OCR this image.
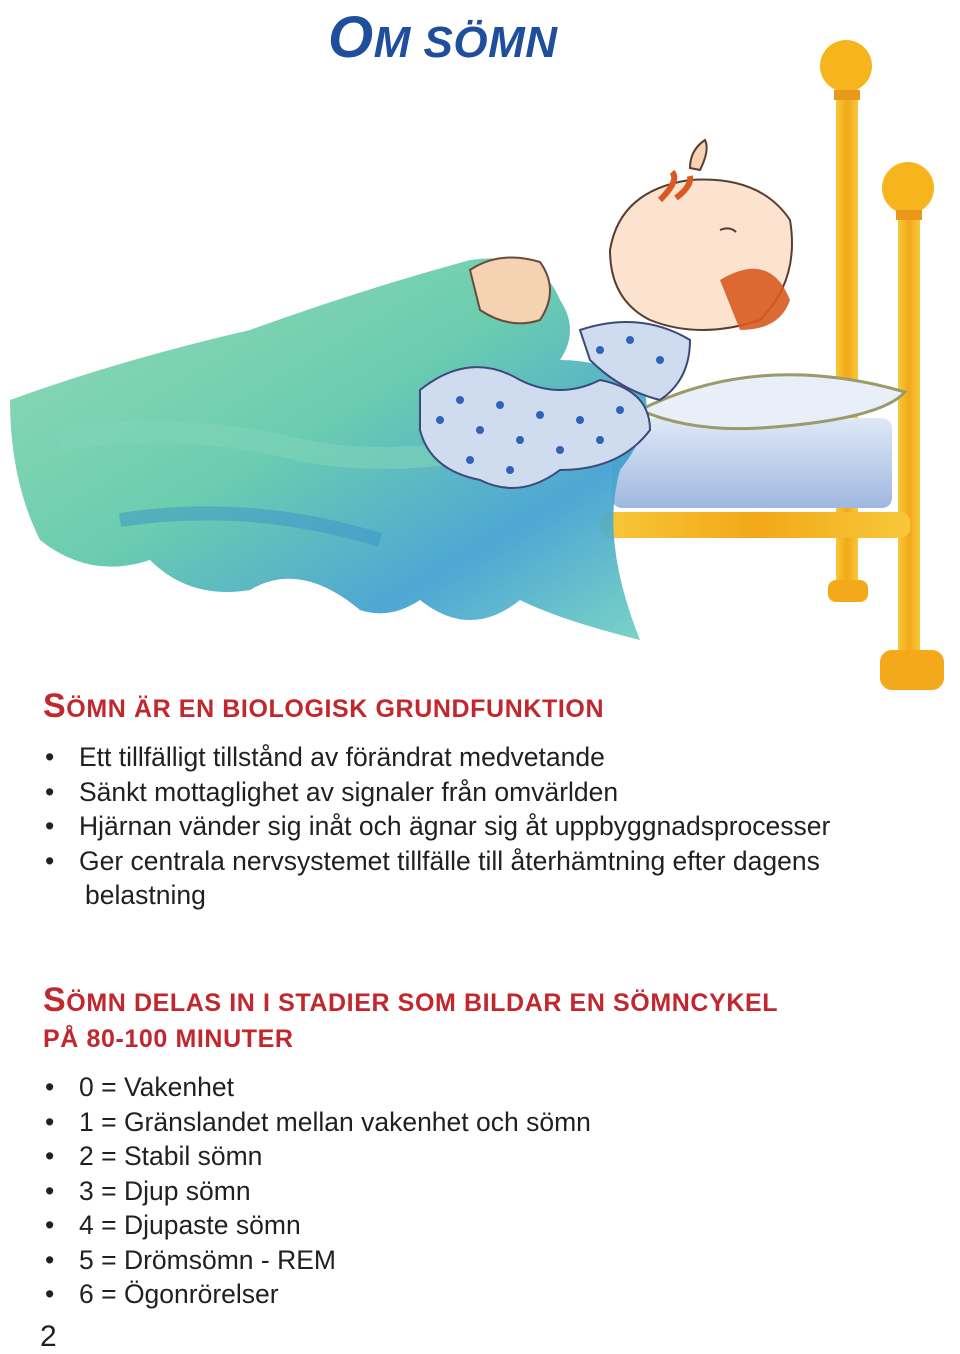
OM SÖMN
SÖMN ÄR EN BIOLOGISK GRUNDFUNKTION
• Ett tillfälligt tillstånd av förändrat medvetande
• Sänkt mottaglighet av signaler från omvärlden
• Hjärnan vänder sig inåt och ägnar sig åt uppbyggnadsprocesser
• Ger centrala nervsystemet tillfälle till återhämtning efter dagens
belastning
SÖMN DELAS IN I STADIER SOM BILDAR EN SÖMNCYKEL
PÅ 80-100 MINUTER
• 0 = Vakenhet
• 1 = Gränslandet mellan vakenhet och sömn
• 2 = Stabil sömn
• 3 = Djup sömn
• 4 = Djupaste sömn
• 5 = Drömsömn - REM
• 6 = Ögonrörelser
2
